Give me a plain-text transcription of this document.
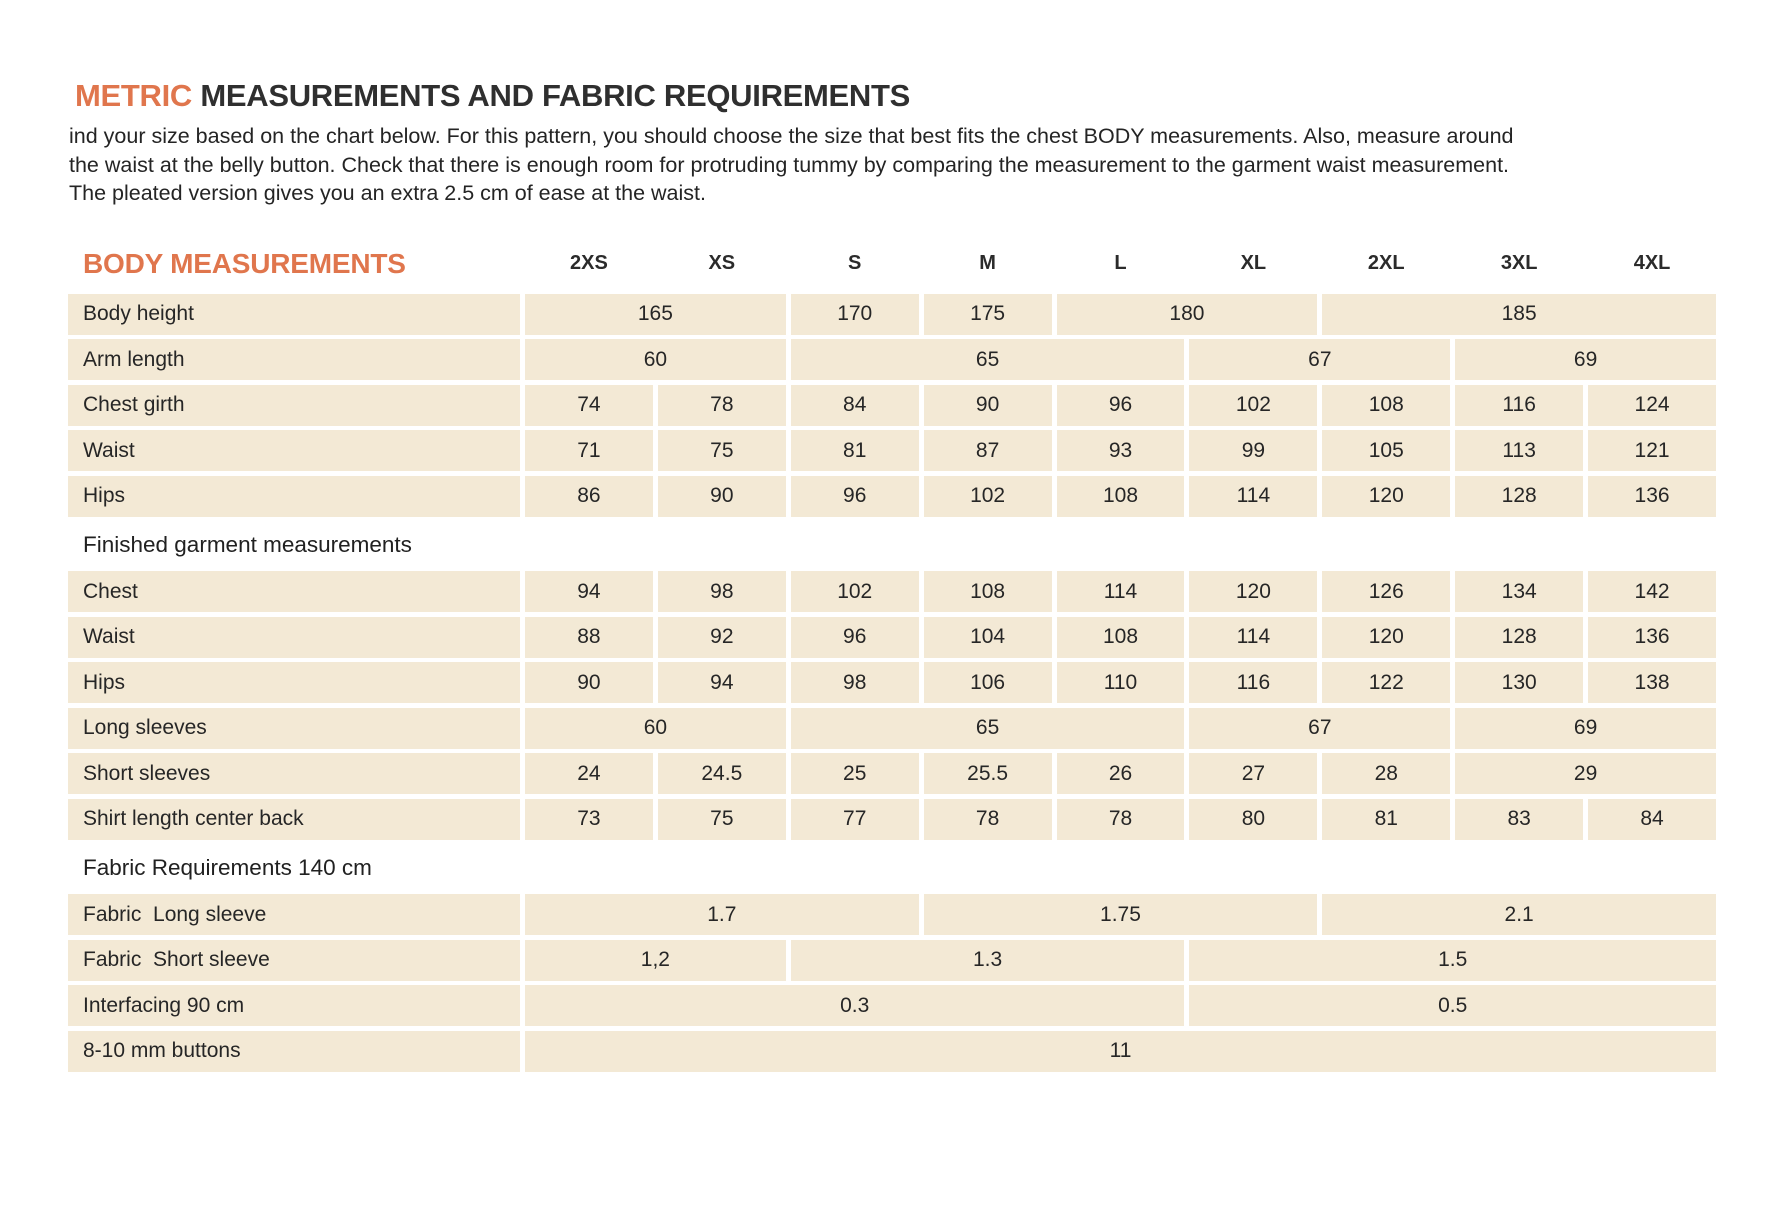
METRIC MEASUREMENTS AND FABRIC REQUIREMENTS

ind your size based on the chart below. For this pattern, you should choose the size that best fits the chest BODY measurements. Also, measure around the waist at the belly button. Check that there is enough room for protruding tummy by comparing the measurement to the garment waist measurement. The pleated version gives you an extra 2.5 cm of ease at the waist.

BODY MEASUREMENTS	2XS	XS	S	M	L	XL	2XL	3XL	4XL
Body height	165	170	175	180	185
Arm length	60	65	67	69
Chest girth	74	78	84	90	96	102	108	116	124
Waist	71	75	81	87	93	99	105	113	121
Hips	86	90	96	102	108	114	120	128	136
Finished garment measurements
Chest	94	98	102	108	114	120	126	134	142
Waist	88	92	96	104	108	114	120	128	136
Hips	90	94	98	106	110	116	122	130	138
Long sleeves	60	65	67	69
Short sleeves	24	24.5	25	25.5	26	27	28	29
Shirt length center back	73	75	77	78	78	80	81	83	84
Fabric Requirements 140 cm
Fabric  Long sleeve	1.7	1.75	2.1
Fabric  Short sleeve	1,2	1.3	1.5
Interfacing 90 cm	0.3	0.5
8-10 mm buttons	11
